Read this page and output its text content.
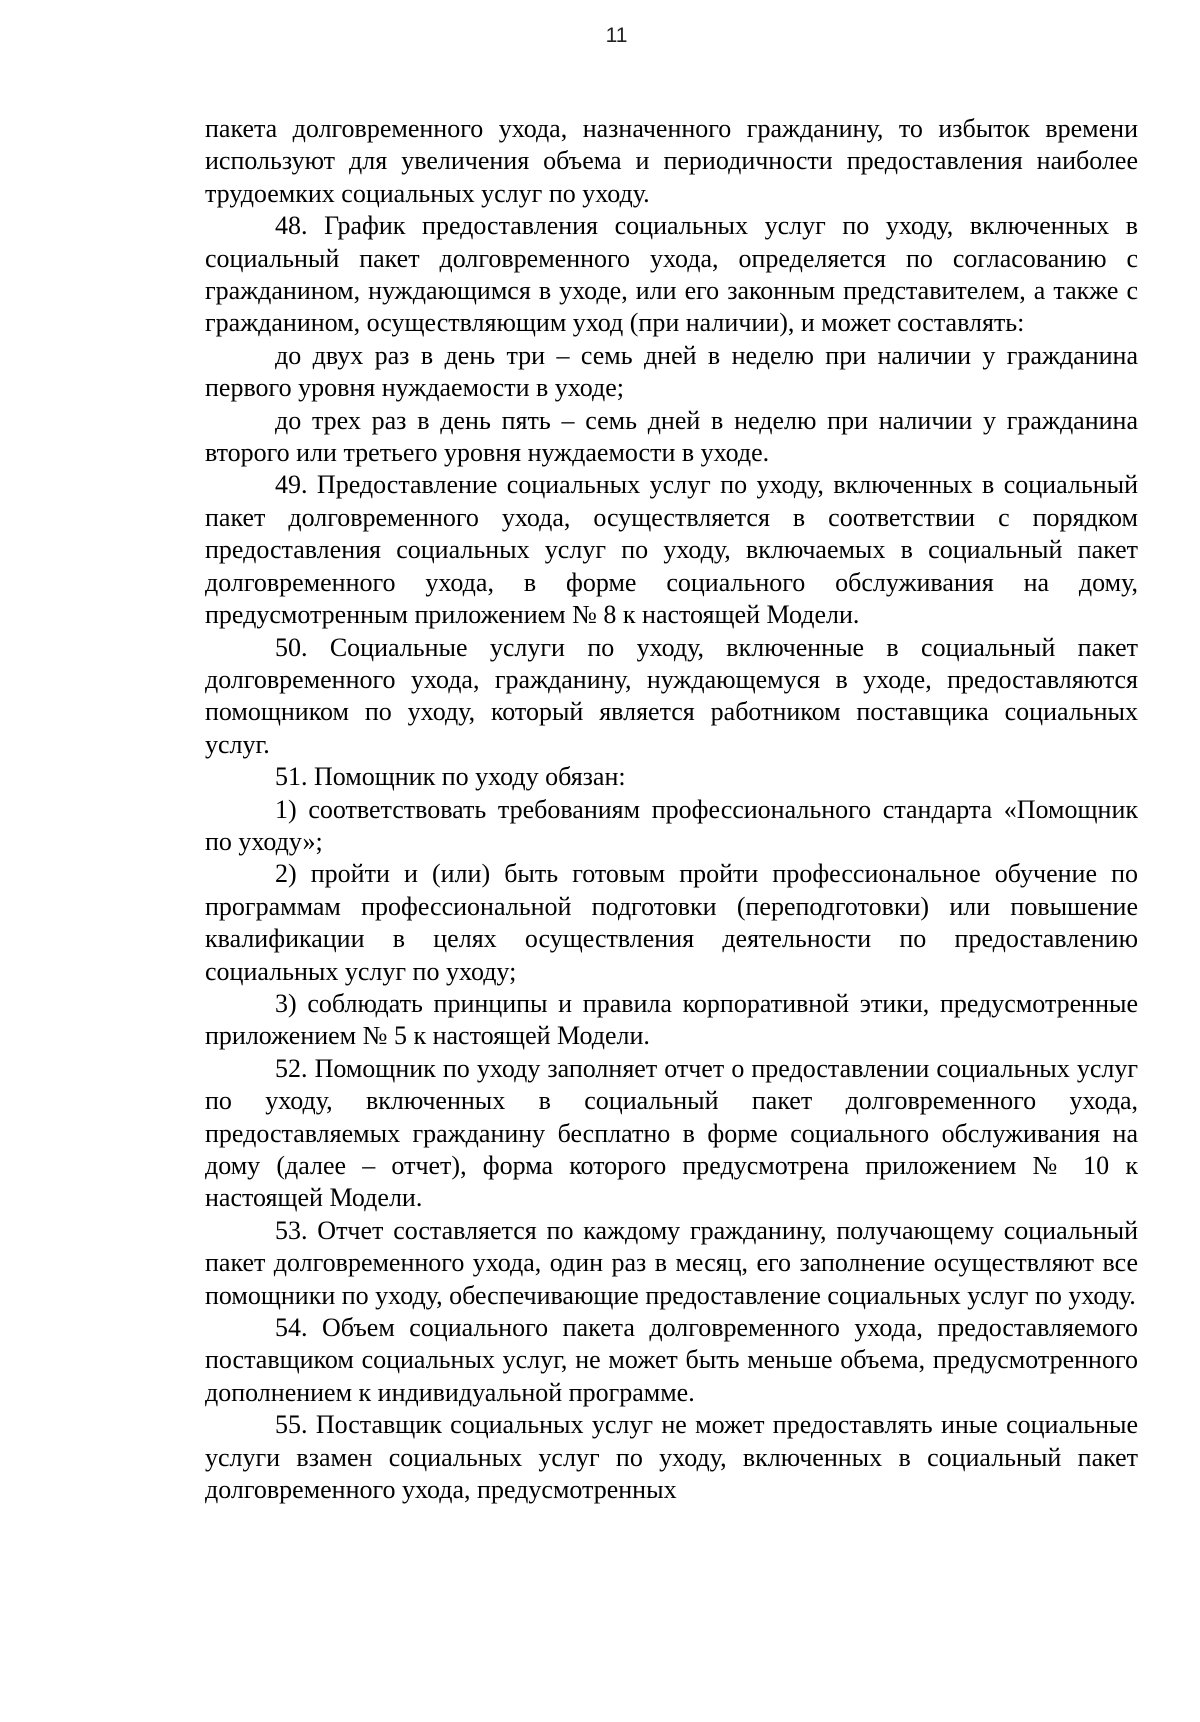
11

пакета долговременного ухода, назначенного гражданину, то избыток времени используют для увеличения объема и периодичности предоставления наиболее трудоемких социальных услуг по уходу.

48. График предоставления социальных услуг по уходу, включенных в социальный пакет долговременного ухода, определяется по согласованию с гражданином, нуждающимся в уходе, или его законным представителем, а также с гражданином, осуществляющим уход (при наличии), и может составлять:

до двух раз в день три – семь дней в неделю при наличии у гражданина первого уровня нуждаемости в уходе;

до трех раз в день пять – семь дней в неделю при наличии у гражданина второго или третьего уровня нуждаемости в уходе.

49. Предоставление социальных услуг по уходу, включенных в социальный пакет долговременного ухода, осуществляется в соответствии с порядком предоставления социальных услуг по уходу, включаемых в социальный пакет долговременного ухода, в форме социального обслуживания на дому, предусмотренным приложением № 8 к настоящей Модели.

50. Социальные услуги по уходу, включенные в социальный пакет долговременного ухода, гражданину, нуждающемуся в уходе, предоставляются помощником по уходу, который является работником поставщика социальных услуг.

51. Помощник по уходу обязан:

1) соответствовать требованиям профессионального стандарта «Помощник по уходу»;

2) пройти и (или) быть готовым пройти профессиональное обучение по программам профессиональной подготовки (переподготовки) или повышение квалификации в целях осуществления деятельности по предоставлению социальных услуг по уходу;

3) соблюдать принципы и правила корпоративной этики, предусмотренные приложением № 5 к настоящей Модели.

52. Помощник по уходу заполняет отчет о предоставлении социальных услуг по уходу, включенных в социальный пакет долговременного ухода, предоставляемых гражданину бесплатно в форме социального обслуживания на дому (далее – отчет), форма которого предусмотрена приложением № 10 к настоящей Модели.

53. Отчет составляется по каждому гражданину, получающему социальный пакет долговременного ухода, один раз в месяц, его заполнение осуществляют все помощники по уходу, обеспечивающие предоставление социальных услуг по уходу.

54. Объем социального пакета долговременного ухода, предоставляемого поставщиком социальных услуг, не может быть меньше объема, предусмотренного дополнением к индивидуальной программе.

55. Поставщик социальных услуг не может предоставлять иные социальные услуги взамен социальных услуг по уходу, включенных в социальный пакет долговременного ухода, предусмотренных
